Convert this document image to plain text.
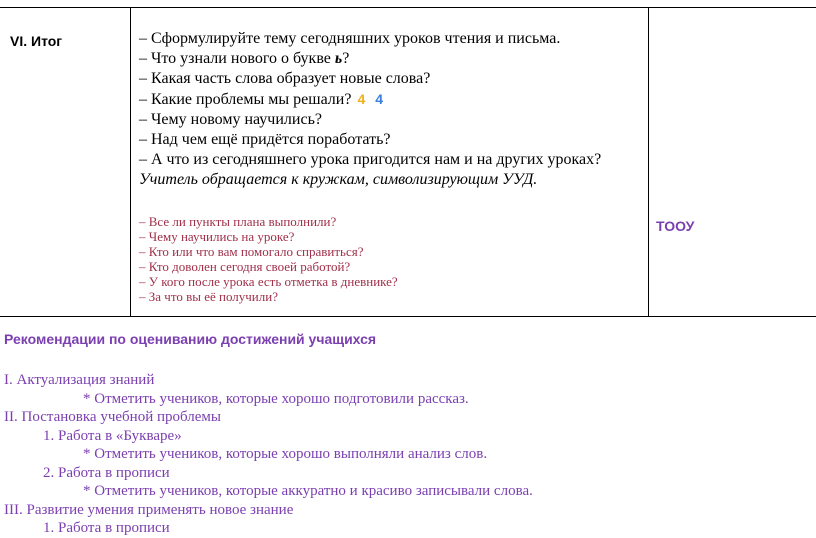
VI. Итог	– Сформулируйте тему сегодняшних уроков чтения и письма.
– Что узнали нового о букве ь?
– Какая часть слова образует новые слова?
– Какие проблемы мы решали? 4 4
– Чему новому научились?
– Над чем ещё придётся поработать?
– А что из сегодняшнего урока пригодится нам и на других уроках?
Учитель обращается к кружкам, символизирующим УУД.
– Все ли пункты плана выполнили?
– Чему научились на уроке?
– Кто или что вам помогало справиться?
– Кто доволен сегодня своей работой?
– У кого после урока есть отметка в дневнике?
– За что вы её получили?
ТООУ
Рекомендации по оцениванию достижений учащихся
I. Актуализация знаний
* Отметить учеников, которые хорошо подготовили рассказ.
II. Постановка учебной проблемы
1. Работа в «Букваре»
* Отметить учеников, которые хорошо выполняли анализ слов.
2. Работа в прописи
* Отметить учеников, которые аккуратно и красиво записывали слова.
III. Развитие умения применять новое знание
1. Работа в прописи
